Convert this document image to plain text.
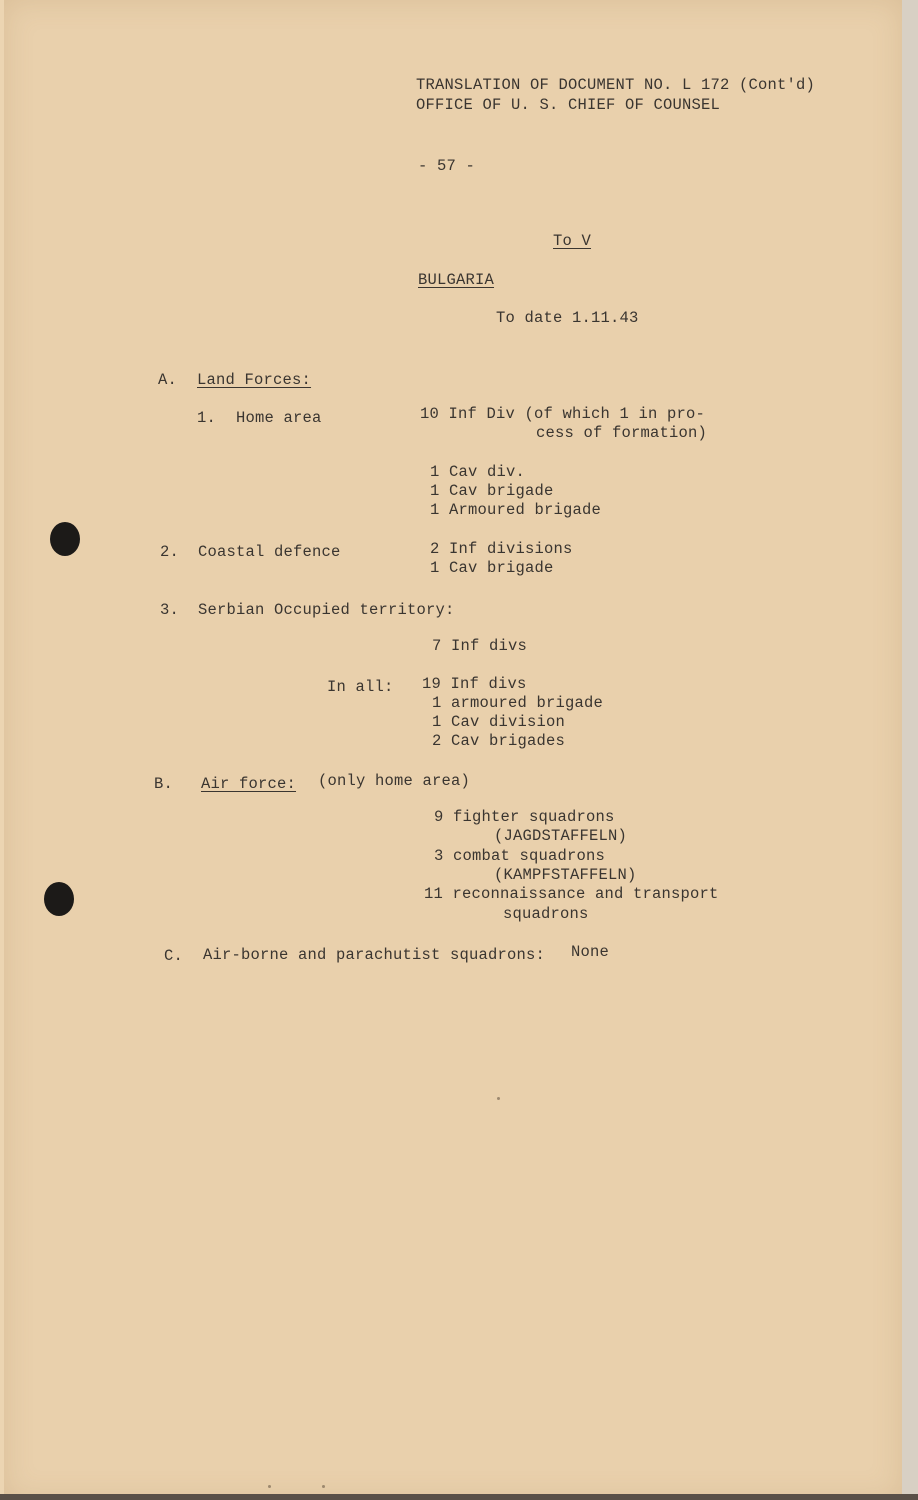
TRANSLATION OF DOCUMENT NO. L 172 (Cont'd)
OFFICE OF U. S. CHIEF OF COUNSEL
- 57 -
To V
BULGARIA
To date 1.11.43
A. Land Forces:
1. Home area	10 Inf Div (of which 1 in pro-
cess of formation)
1 Cav div.
1 Cav brigade
1 Armoured brigade
2. Coastal defence	2 Inf divisions
1 Cav brigade
3. Serbian Occupied territory:
7 Inf divs
In all: 19 Inf divs
1 armoured brigade
1 Cav division
2 Cav brigades
B. Air force: (only home area)
9 fighter squadrons
(JAGDSTAFFELN)
3 combat squadrons
(KAMPFSTAFFELN)
11 reconnaissance and transport
squadrons
C. Air-borne and parachutist squadrons: None
